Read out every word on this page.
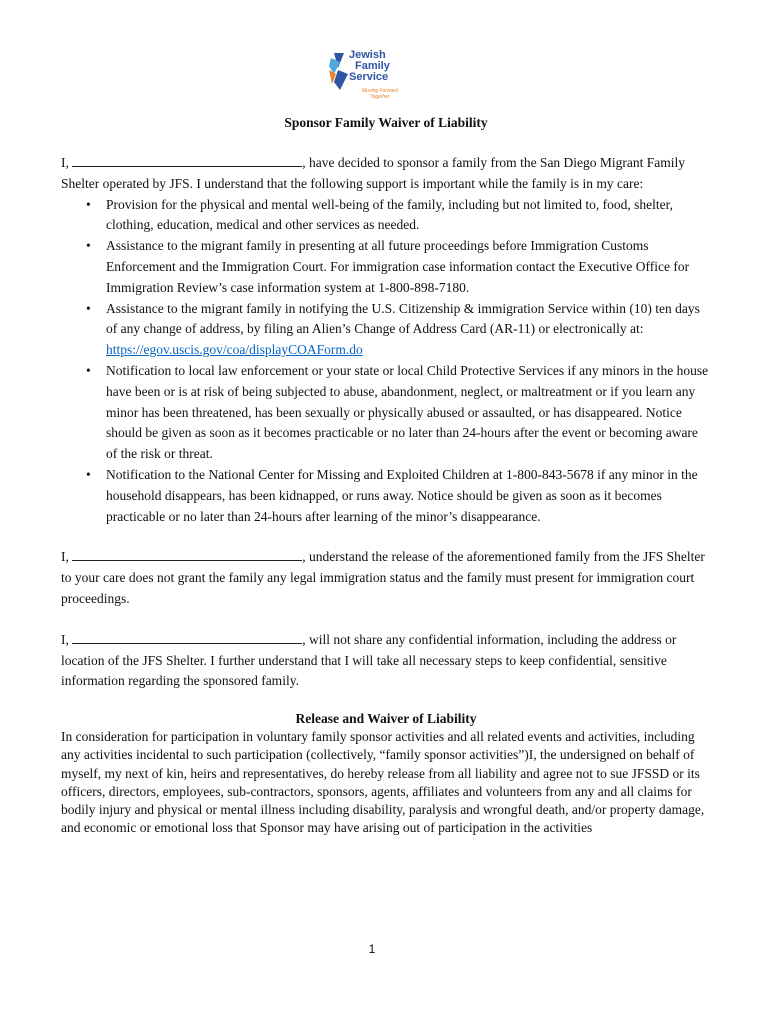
Jewish
Family
Service
Moving Forward
Together

Sponsor Family Waiver of Liability

I,	, have decided to sponsor a family from the San Diego Migrant Family Shelter operated by JFS. I understand that the following support is important while the family is in my care:

• Provision for the physical and mental well-being of the family, including but not limited to, food, shelter, clothing, education, medical and other services as needed.
• Assistance to the migrant family in presenting at all future proceedings before Immigration Customs Enforcement and the Immigration Court. For immigration case information contact the Executive Office for Immigration Review’s case information system at 1-800-898-7180.
• Assistance to the migrant family in notifying the U.S. Citizenship & immigration Service within (10) ten days of any change of address, by filing an Alien’s Change of Address Card (AR-11) or electronically at: https://egov.uscis.gov/coa/displayCOAForm.do
• Notification to local law enforcement or your state or local Child Protective Services if any minors in the house have been or is at risk of being subjected to abuse, abandonment, neglect, or maltreatment or if you learn any minor has been threatened, has been sexually or physically abused or assaulted, or has disappeared. Notice should be given as soon as it becomes practicable or no later than 24-hours after the event or becoming aware of the risk or threat.
• Notification to the National Center for Missing and Exploited Children at 1-800-843-5678 if any minor in the household disappears, has been kidnapped, or runs away. Notice should be given as soon as it becomes practicable or no later than 24-hours after learning of the minor’s disappearance.

I,	, understand the release of the aforementioned family from the JFS Shelter to your care does not grant the family any legal immigration status and the family must present for immigration court proceedings.

I,	, will not share any confidential information, including the address or location of the JFS Shelter. I further understand that I will take all necessary steps to keep confidential, sensitive information regarding the sponsored family.

Release and Waiver of Liability

In consideration for participation in voluntary family sponsor activities and all related events and activities, including any activities incidental to such participation (collectively, “family sponsor activities”)I, the undersigned on behalf of myself, my next of kin, heirs and representatives, do hereby release from all liability and agree not to sue JFSSD or its officers, directors, employees, sub-contractors, sponsors, agents, affiliates and volunteers from any and all claims for bodily injury and physical or mental illness including disability, paralysis and wrongful death, and/or property damage, and economic or emotional loss that Sponsor may have arising out of participation in the activities

1
